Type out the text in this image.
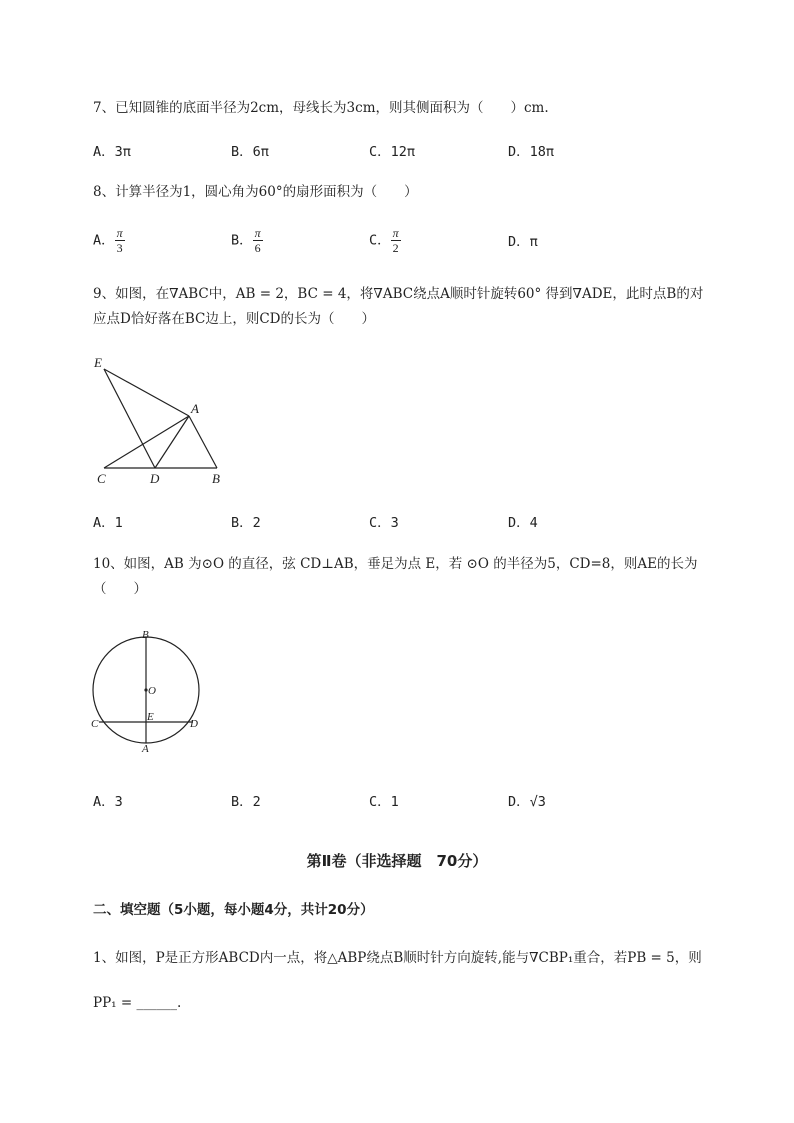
7、已知圆锥的底面半径为2cm，母线长为3cm，则其侧面积为（　　）cm.
A．3π	B．6π	C．12π	D．18π
8、计算半径为1，圆心角为60°的扇形面积为（　　）
A． $\frac{\pi}{3}$	B． $\frac{\pi}{6}$	C． $\frac{\pi}{2}$	D．π
9、如图，在∇ABC中，AB = 2，BC = 4，将∇ABC绕点A顺时针旋转60° 得到∇ADE，此时点B的对
应点D恰好落在BC边上，则CD的长为（　　）
E
A
C	D	B
A．1	B．2	C．3	D．4
10、如图，AB 为⊙O 的直径，弦 CD⊥AB，垂足为点 E，若 ⊙O 的半径为5，CD=8，则AE的长为
（　　）
B
O
C
E
D
A
A．3	B．2	C．1	D．√3
第Ⅱ卷（非选择题　70分）
二、填空题（5小题，每小题4分，共计20分）
1、如图，P是正方形ABCD内一点，将△ABP绕点B顺时针方向旋转,能与∇CBP₁重合，若PB = 5，则
PP₁ = ______.
